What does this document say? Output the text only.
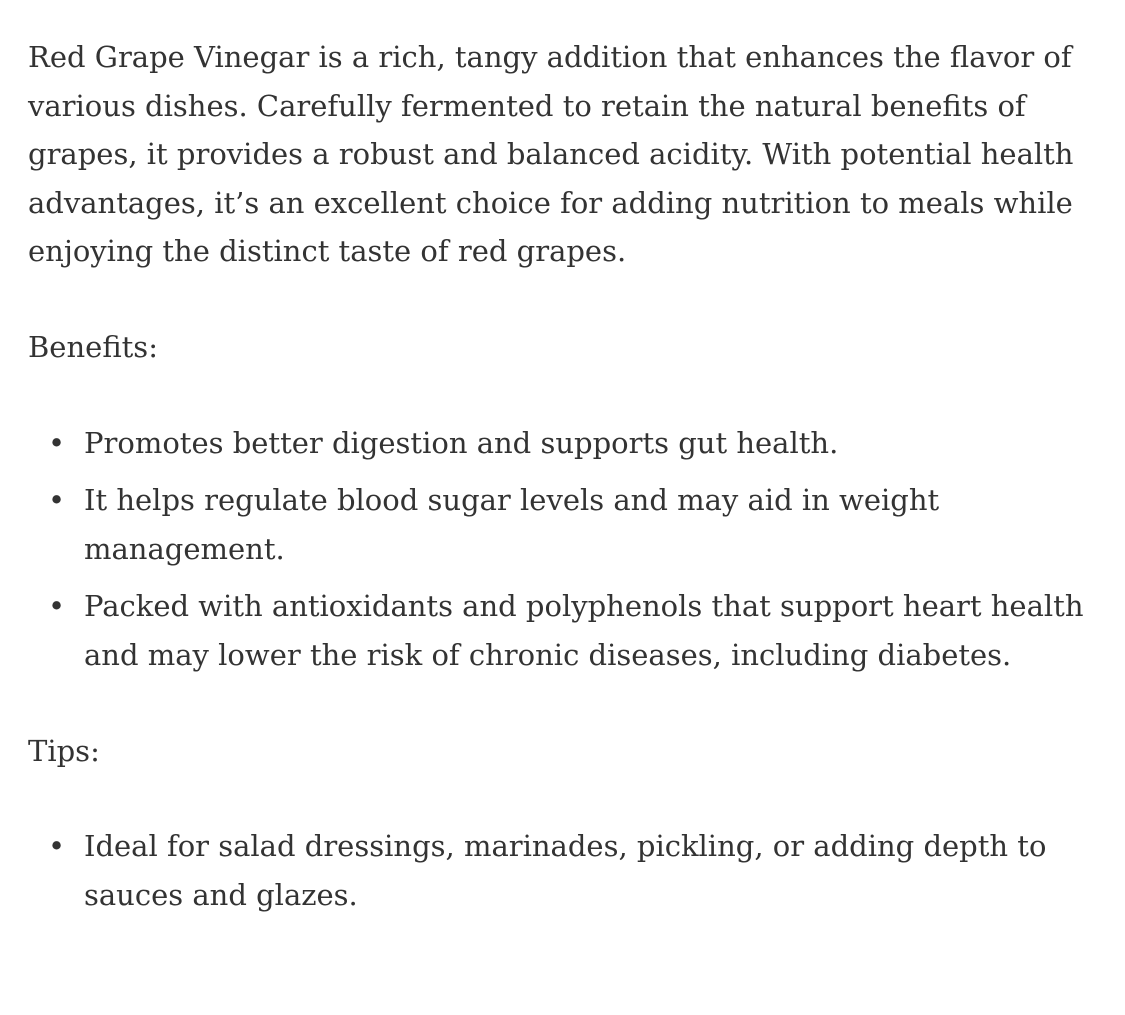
Red Grape Vinegar is a rich, tangy addition that enhances the flavor of various dishes. Carefully fermented to retain the natural benefits of grapes, it provides a robust and balanced acidity. With potential health advantages, it’s an excellent choice for adding nutrition to meals while enjoying the distinct taste of red grapes.

Benefits:

• Promotes better digestion and supports gut health.
• It helps regulate blood sugar levels and may aid in weight management.
• Packed with antioxidants and polyphenols that support heart health and may lower the risk of chronic diseases, including diabetes.

Tips:

• Ideal for salad dressings, marinades, pickling, or adding depth to sauces and glazes.
